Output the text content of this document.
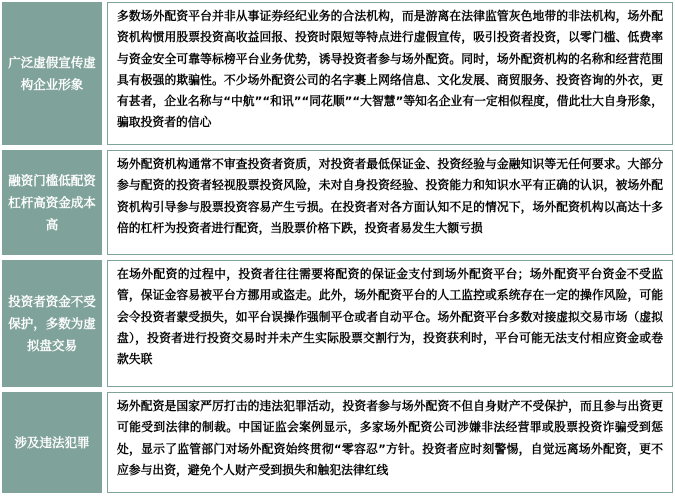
广泛虚假宣传虚构企业形象
多数场外配资平台并非从事证券经纪业务的合法机构，而是游离在法律监管灰色地带的非法机构，场外配资机构惯用股票投资高收益回报、投资时限短等特点进行虚假宣传，吸引投资者投资，以零门槛、低费率与资金安全可靠等标榜平台业务优势，诱导投资者参与场外配资。同时，场外配资机构的名称和经营范围具有极强的欺骗性。不少场外配资公司的名字裹上网络信息、文化发展、商贸服务、投资咨询的外衣，更有甚者，企业名称与“中航”“和讯”“同花顺”“大智慧”等知名企业有一定相似程度，借此壮大自身形象，骗取投资者的信心
融资门槛低配资杠杆高资金成本高
场外配资机构通常不审查投资者资质，对投资者最低保证金、投资经验与金融知识等无任何要求。大部分参与配资的投资者轻视股票投资风险，未对自身投资经验、投资能力和知识水平有正确的认识，被场外配资机构引导参与股票投资容易产生亏损。在投资者对各方面认知不足的情况下，场外配资机构以高达十多倍的杠杆为投资者进行配资，当股票价格下跌，投资者易发生大额亏损
投资者资金不受保护，多数为虚拟盘交易
在场外配资的过程中，投资者往往需要将配资的保证金支付到场外配资平台；场外配资平台资金不受监管，保证金容易被平台方挪用或盗走。此外，场外配资平台的人工监控或系统存在一定的操作风险，可能会令投资者蒙受损失，如平台误操作强制平仓或者自动平仓。场外配资平台多数对接虚拟交易市场（虚拟盘），投资者进行投资交易时并未产生实际股票交割行为，投资获利时，平台可能无法支付相应资金或卷款失联
涉及违法犯罪
场外配资是国家严厉打击的违法犯罪活动，投资者参与场外配资不但自身财产不受保护，而且参与出资更可能受到法律的制裁。中国证监会案例显示，多家场外配资公司涉嫌非法经营罪或股票投资诈骗受到惩处，显示了监管部门对场外配资始终贯彻“零容忍”方针。投资者应时刻警惕，自觉远离场外配资，更不应参与出资，避免个人财产受到损失和触犯法律红线
